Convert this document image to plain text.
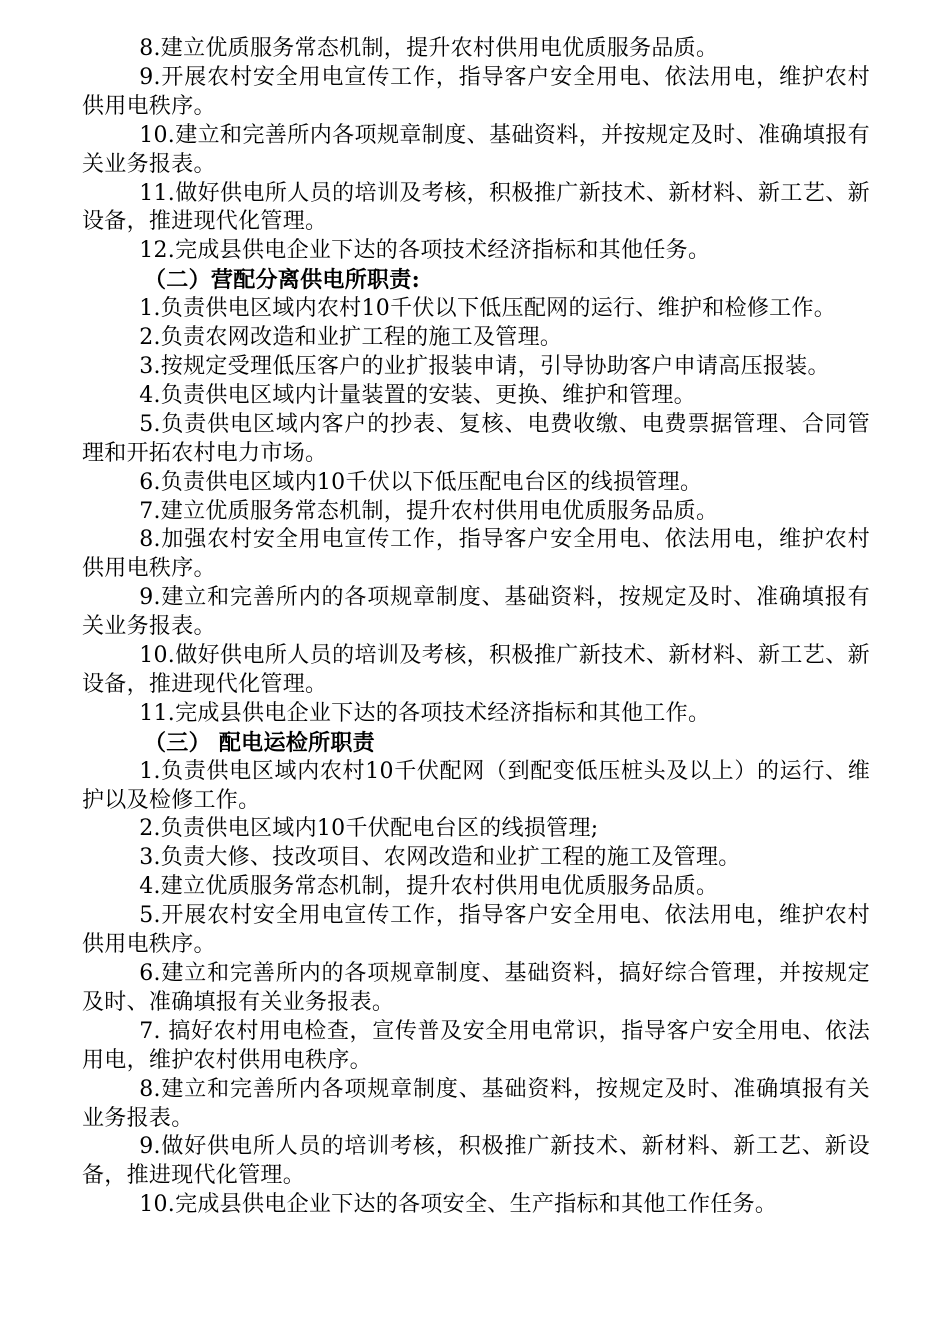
8.建立优质服务常态机制，提升农村供用电优质服务品质。

9.开展农村安全用电宣传工作，指导客户安全用电、依法用电，维护农村供用电秩序。

10.建立和完善所内各项规章制度、基础资料，并按规定及时、准确填报有关业务报表。

11.做好供电所人员的培训及考核，积极推广新技术、新材料、新工艺、新设备，推进现代化管理。

12.完成县供电企业下达的各项技术经济指标和其他任务。

（二）营配分离供电所职责:

1.负责供电区域内农村10千伏以下低压配网的运行、维护和检修工作。

2.负责农网改造和业扩工程的施工及管理。

3.按规定受理低压客户的业扩报装申请，引导协助客户申请高压报装。

4.负责供电区域内计量装置的安装、更换、维护和管理。

5.负责供电区域内客户的抄表、复核、电费收缴、电费票据管理、合同管理和开拓农村电力市场。

6.负责供电区域内10千伏以下低压配电台区的线损管理。

7.建立优质服务常态机制，提升农村供用电优质服务品质。

8.加强农村安全用电宣传工作，指导客户安全用电、依法用电，维护农村供用电秩序。

9.建立和完善所内的各项规章制度、基础资料，按规定及时、准确填报有关业务报表。

10.做好供电所人员的培训及考核，积极推广新技术、新材料、新工艺、新设备，推进现代化管理。

11.完成县供电企业下达的各项技术经济指标和其他工作。

（三） 配电运检所职责

1.负责供电区域内农村10千伏配网（到配变低压桩头及以上）的运行、维护以及检修工作。

2.负责供电区域内10千伏配电台区的线损管理;

3.负责大修、技改项目、农网改造和业扩工程的施工及管理。

4.建立优质服务常态机制，提升农村供用电优质服务品质。

5.开展农村安全用电宣传工作，指导客户安全用电、依法用电，维护农村供用电秩序。

6.建立和完善所内的各项规章制度、基础资料，搞好综合管理，并按规定及时、准确填报有关业务报表。

7. 搞好农村用电检查，宣传普及安全用电常识，指导客户安全用电、依法用电，维护农村供用电秩序。

8.建立和完善所内各项规章制度、基础资料，按规定及时、准确填报有关业务报表。

9.做好供电所人员的培训考核，积极推广新技术、新材料、新工艺、新设备，推进现代化管理。

10.完成县供电企业下达的各项安全、生产指标和其他工作任务。
